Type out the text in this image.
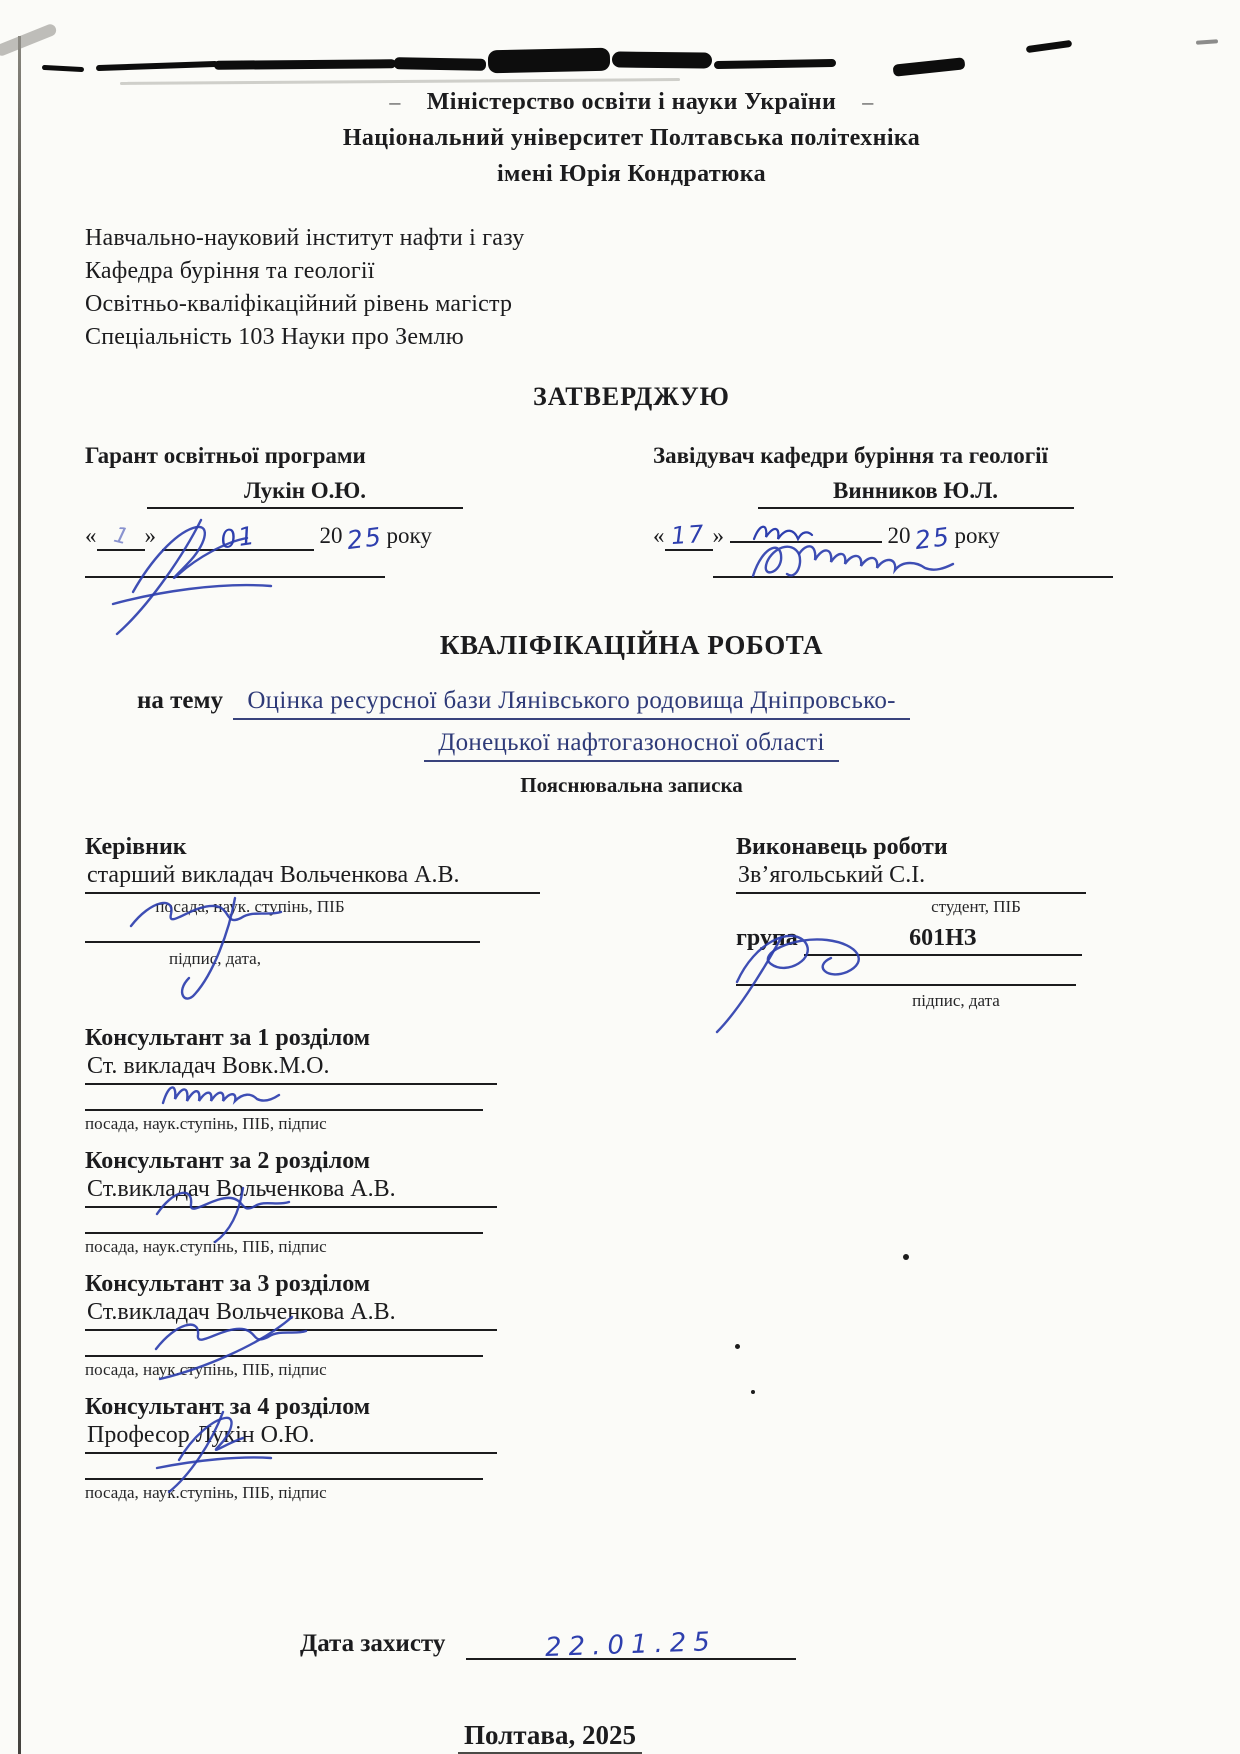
– Міністерство освіти і науки України –
Національний університет Полтавська політехніка
імені Юрія Кондратюка
Навчально-науковий інститут нафти і газу
Кафедра буріння та геології
Освітньо-кваліфікаційний рівень магістр
Спеціальність 103 Науки про Землю
ЗАТВЕРДЖУЮ
Гарант освітньої програми
Лукін О.Ю.
« 1 » 01	2025 року
Завідувач кафедри буріння та геології
Винников Ю.Л.
« 17 »	2025 року
КВАЛІФІКАЦІЙНА РОБОТА
на тему Оцінка ресурсної бази Лянівського родовища Дніпровсько-
Донецької нафтогазоносної області
Пояснювальна записка
Керівник
старший викладач Вольченкова А.В.
посада, наук. ступінь, ПІБ
підпис, дата,
Виконавець роботи
Зв’ягольський С.І.
студент, ПІБ
група	601НЗ
підпис, дата
Консультант за 1 розділом
Ст. викладач Вовк.М.О.
посада, наук.ступінь, ПІБ, підпис
Консультант за 2 розділом
Ст.викладач Вольченкова А.В.
посада, наук.ступінь, ПІБ, підпис
Консультант за 3 розділом
Ст.викладач Вольченкова А.В.
посада, наук.ступінь, ПІБ, підпис
Консультант за 4 розділом
Професор Лукін О.Ю.
посада, наук.ступінь, ПІБ, підпис
Дата захисту	22.01.25
Полтава, 2025
